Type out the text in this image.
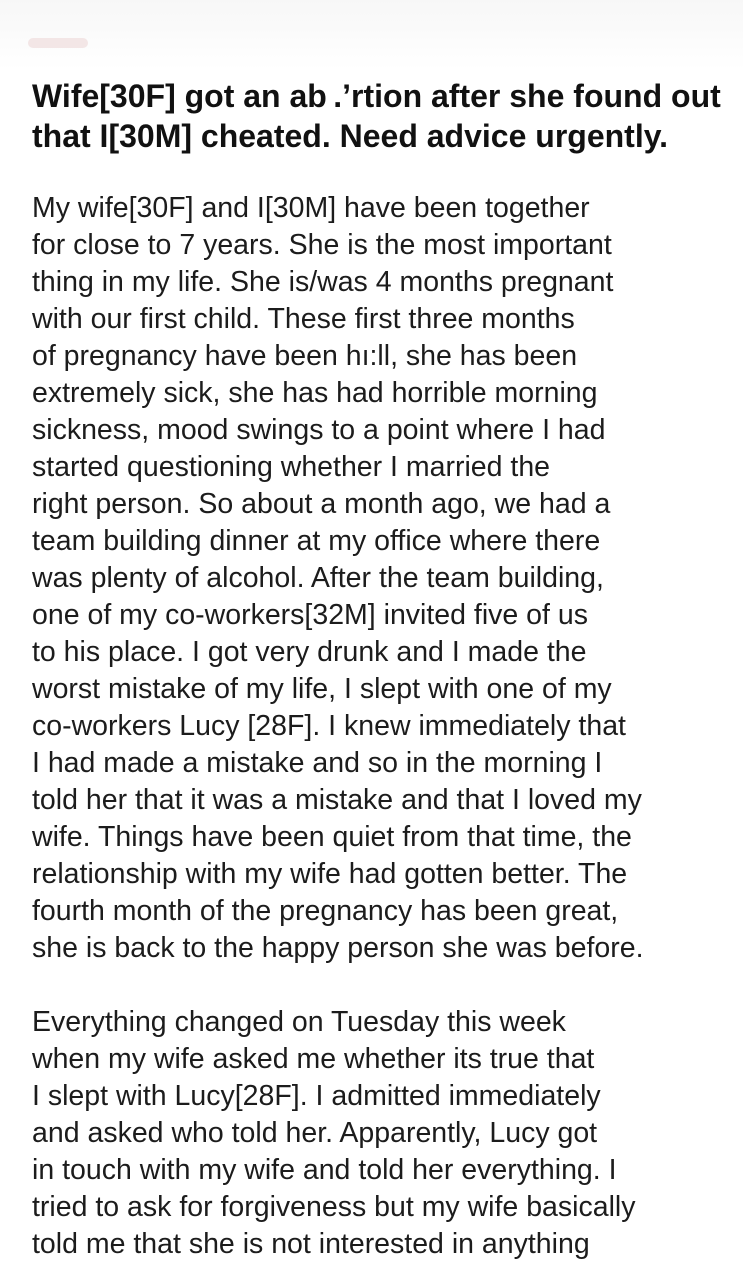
Wife[30F] got an ab .’rtion after she found out that I[30M] cheated. Need advice urgently.
My wife[30F] and I[30M] have been together
for close to 7 years. She is the most important
thing in my life. She is/was 4 months pregnant
with our first child. These first three months
of pregnancy have been hı:ll, she has been
extremely sick, she has had horrible morning
sickness, mood swings to a point where I had
started questioning whether I married the
right person. So about a month ago, we had a
team building dinner at my office where there
was plenty of alcohol. After the team building,
one of my co-workers[32M] invited five of us
to his place. I got very drunk and I made the
worst mistake of my life, I slept with one of my
co-workers Lucy [28F]. I knew immediately that
I had made a mistake and so in the morning I
told her that it was a mistake and that I loved my
wife. Things have been quiet from that time, the
relationship with my wife had gotten better. The
fourth month of the pregnancy has been great,
she is back to the happy person she was before.
Everything changed on Tuesday this week
when my wife asked me whether its true that
I slept with Lucy[28F]. I admitted immediately
and asked who told her. Apparently, Lucy got
in touch with my wife and told her everything. I
tried to ask for forgiveness but my wife basically
told me that she is not interested in anything
